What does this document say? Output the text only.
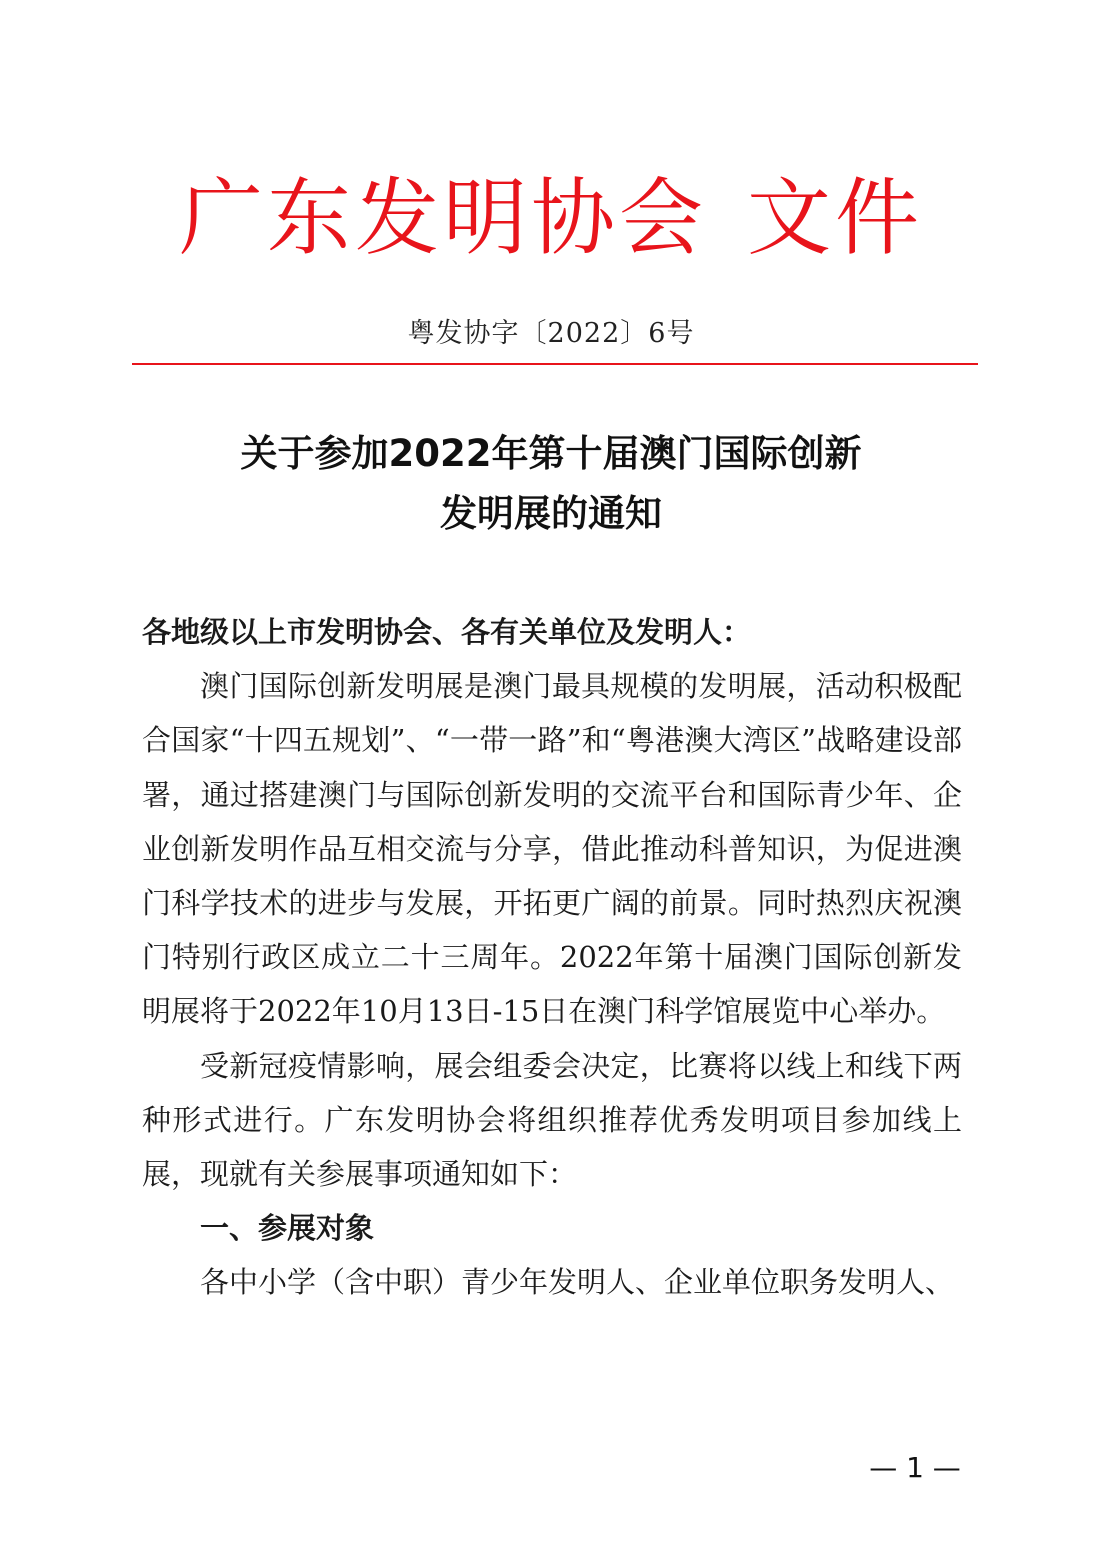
广东发明协会 文件
粤发协字〔2022〕6号
关于参加2022年第十届澳门国际创新
发明展的通知

各地级以上市发明协会、各有关单位及发明人：

澳门国际创新发明展是澳门最具规模的发明展，活动积极配合国家“十四五规划”、“一带一路”和“粤港澳大湾区”战略建设部署，通过搭建澳门与国际创新发明的交流平台和国际青少年、企业创新发明作品互相交流与分享，借此推动科普知识，为促进澳门科学技术的进步与发展，开拓更广阔的前景。同时热烈庆祝澳门特别行政区成立二十三周年。2022年第十届澳门国际创新发明展将于2022年10月13日-15日在澳门科学馆展览中心举办。

受新冠疫情影响，展会组委会决定，比赛将以线上和线下两种形式进行。广东发明协会将组织推荐优秀发明项目参加线上展，现就有关参展事项通知如下：

一、参展对象

各中小学（含中职）青少年发明人、企业单位职务发明人、

— 1 —
